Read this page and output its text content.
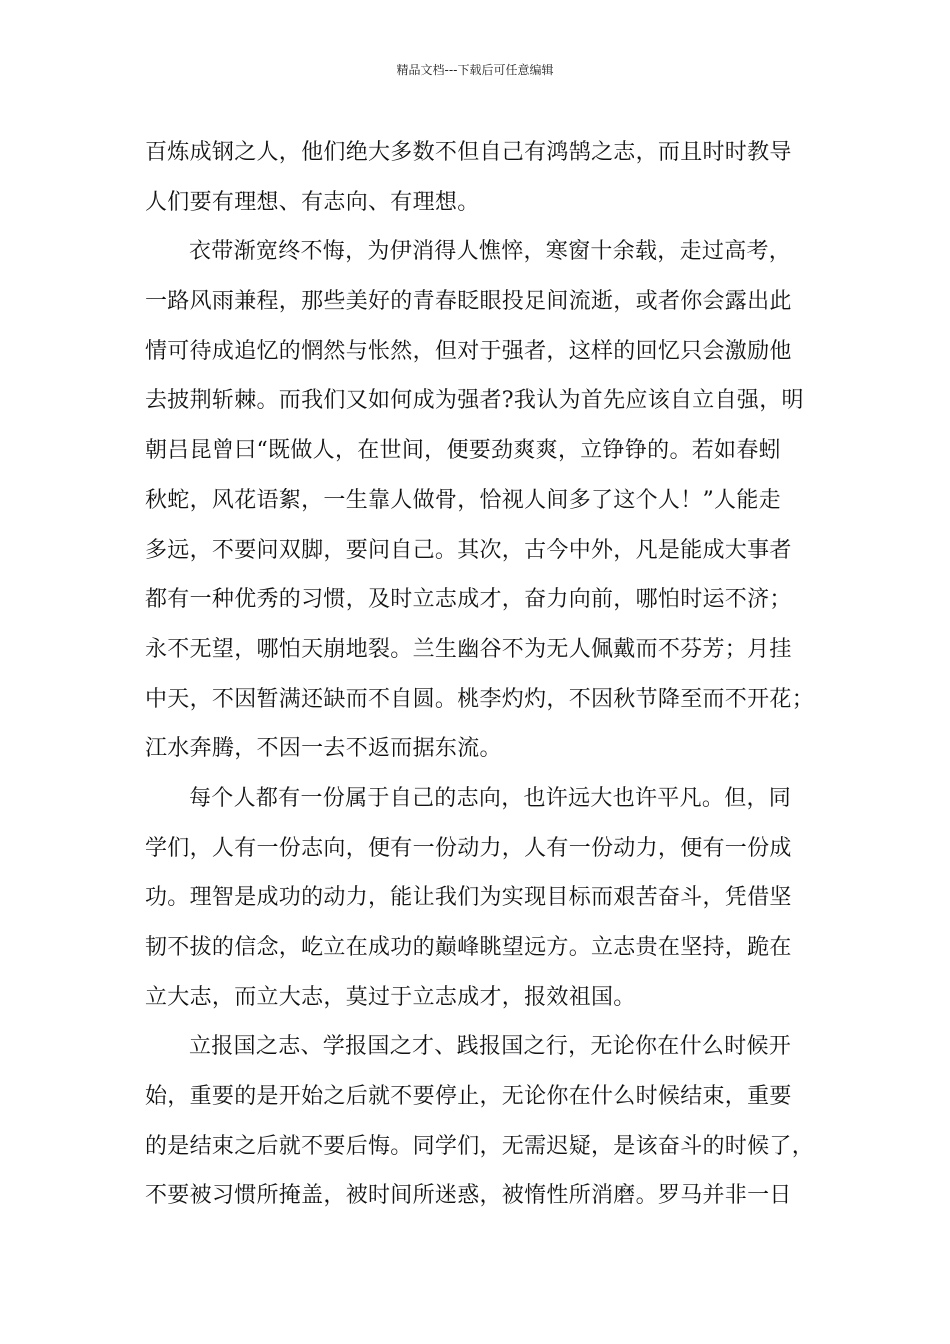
精品文档---下载后可任意编辑
百炼成钢之人，他们绝大多数不但自己有鸿鹄之志，而且时时教导
人们要有理想、有志向、有理想。
衣带渐宽终不悔，为伊消得人憔悴，寒窗十余载，走过高考，
一路风雨兼程，那些美好的青春眨眼投足间流逝，或者你会露出此
情可待成追忆的惘然与怅然，但对于强者，这样的回忆只会激励他
去披荆斩棘。而我们又如何成为强者?我认为首先应该自立自强，明
朝吕昆曾曰“既做人，在世间，便要劲爽爽，立铮铮的。若如春蚓
秋蛇，风花语絮，一生靠人做骨，恰视人间多了这个人！”人能走
多远，不要问双脚，要问自己。其次，古今中外，凡是能成大事者
都有一种优秀的习惯，及时立志成才，奋力向前，哪怕时运不济；
永不无望，哪怕天崩地裂。兰生幽谷不为无人佩戴而不芬芳；月挂
中天，不因暂满还缺而不自圆。桃李灼灼，不因秋节降至而不开花；
江水奔腾，不因一去不返而据东流。
每个人都有一份属于自己的志向，也许远大也许平凡。但，同
学们，人有一份志向，便有一份动力，人有一份动力，便有一份成
功。理智是成功的动力，能让我们为实现目标而艰苦奋斗，凭借坚
韧不拔的信念，屹立在成功的巅峰眺望远方。立志贵在坚持，跪在
立大志，而立大志，莫过于立志成才，报效祖国。
立报国之志、学报国之才、践报国之行，无论你在什么时候开
始，重要的是开始之后就不要停止，无论你在什么时候结束，重要
的是结束之后就不要后悔。同学们，无需迟疑，是该奋斗的时候了，
不要被习惯所掩盖，被时间所迷惑，被惰性所消磨。罗马并非一日
